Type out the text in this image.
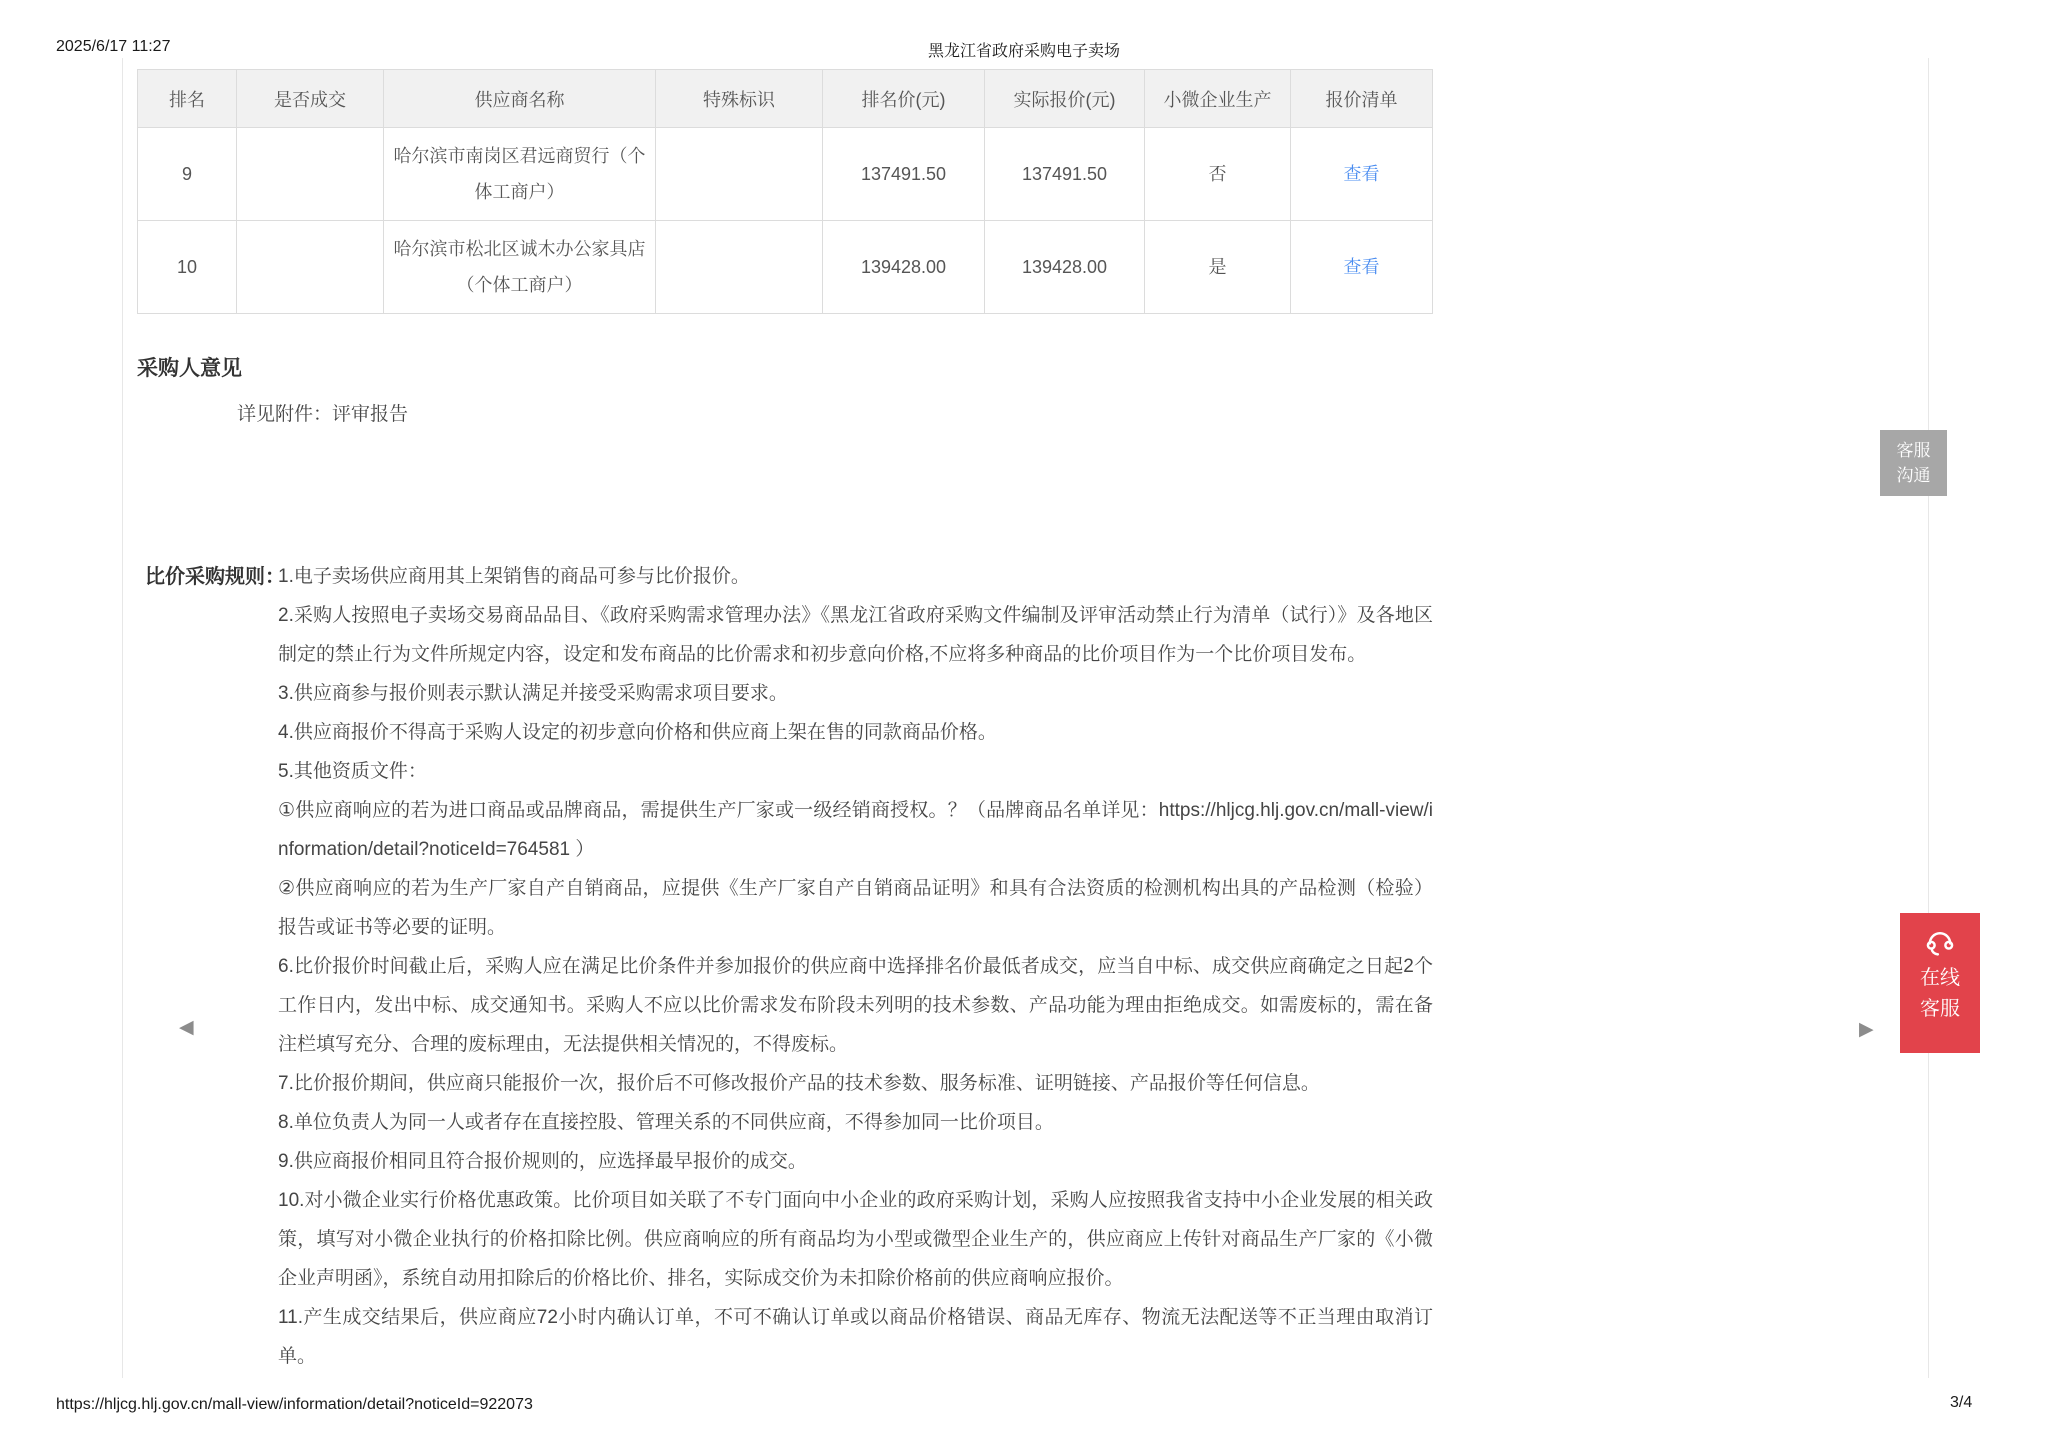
2025/6/17 11:27	黑龙江省政府采购电子卖场
排名	是否成交	供应商名称	特殊标识	排名价(元)	实际报价(元)	小微企业生产	报价清单
9		哈尔滨市南岗区君远商贸行（个体工商户）		137491.50	137491.50	否	查看
10		哈尔滨市松北区诚木办公家具店（个体工商户）		139428.00	139428.00	是	查看
采购人意见
详见附件：评审报告
客服沟通
比价采购规则：

1.电子卖场供应商用其上架销售的商品可参与比价报价。

2.采购人按照电子卖场交易商品品目、《政府采购需求管理办法》《黑龙江省政府采购文件编制及评审活动禁止行为清单（试行）》及各地区制定的禁止行为文件所规定内容，设定和发布商品的比价需求和初步意向价格,不应将多种商品的比价项目作为一个比价项目发布。

3.供应商参与报价则表示默认满足并接受采购需求项目要求。

4.供应商报价不得高于采购人设定的初步意向价格和供应商上架在售的同款商品价格。

5.其他资质文件：

①供应商响应的若为进口商品或品牌商品，需提供生产厂家或一级经销商授权。？（品牌商品名单详见：https://hljcg.hlj.gov.cn/mall-view/information/detail?noticeId=764581 ）

②供应商响应的若为生产厂家自产自销商品，应提供《生产厂家自产自销商品证明》和具有合法资质的检测机构出具的产品检测（检验）报告或证书等必要的证明。

6.比价报价时间截止后，采购人应在满足比价条件并参加报价的供应商中选择排名价最低者成交，应当自中标、成交供应商确定之日起2个工作日内，发出中标、成交通知书。采购人不应以比价需求发布阶段未列明的技术参数、产品功能为理由拒绝成交。如需废标的，需在备注栏填写充分、合理的废标理由，无法提供相关情况的，不得废标。

7.比价报价期间，供应商只能报价一次，报价后不可修改报价产品的技术参数、服务标准、证明链接、产品报价等任何信息。

8.单位负责人为同一人或者存在直接控股、管理关系的不同供应商，不得参加同一比价项目。

9.供应商报价相同且符合报价规则的，应选择最早报价的成交。

10.对小微企业实行价格优惠政策。比价项目如关联了不专门面向中小企业的政府采购计划，采购人应按照我省支持中小企业发展的相关政策，填写对小微企业执行的价格扣除比例。供应商响应的所有商品均为小型或微型企业生产的，供应商应上传针对商品生产厂家的《小微企业声明函》，系统自动用扣除后的价格比价、排名，实际成交价为未扣除价格前的供应商响应报价。

11.产生成交结果后，供应商应72小时内确认订单，不可不确认订单或以商品价格错误、商品无库存、物流无法配送等不正当理由取消订单。

◀	▶
在线
客服
https://hljcg.hlj.gov.cn/mall-view/information/detail?noticeId=922073	3/4
